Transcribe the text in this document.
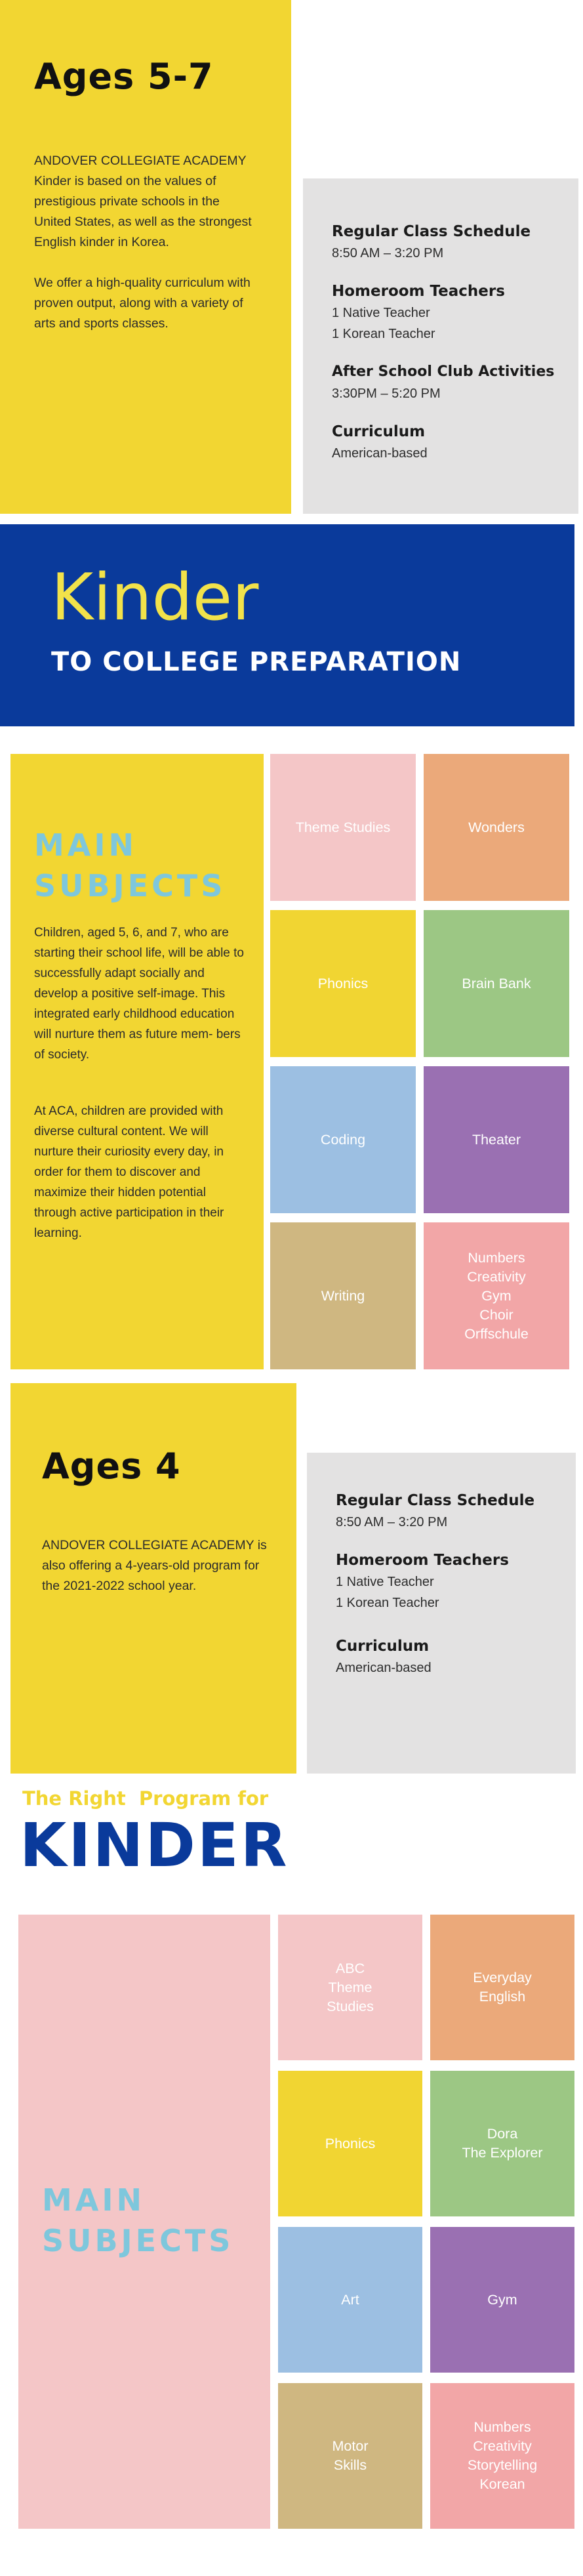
Ages 5-7

ANDOVER COLLEGIATE ACADEMY Kinder is based on the values of prestigious private schools in the United States, as well as the strongest English kinder in Korea.

We offer a high-quality curriculum with proven output, along with a variety of arts and sports classes.

Regular Class Schedule
8:50 AM – 3:20 PM
Homeroom Teachers
1 Native Teacher
1 Korean Teacher
After School Club Activities
3:30PM – 5:20 PM
Curriculum
American-based
Kinder
TO COLLEGE PREPARATION
MAIN
SUBJECTS

Children, aged 5, 6, and 7, who are starting their school life, will be able to successfully adapt socially and develop a positive self-image. This integrated early childhood education will nurture them as future mem- bers of society.

At ACA, children are provided with diverse cultural content. We will nurture their curiosity every day, in order for them to discover and maximize their hidden potential through active participation in their learning.

Theme Studies	Wonders
Phonics	Brain Bank
Coding	Theater
Writing
Numbers
Creativity
Gym
Choir
Orffschule
Ages 4

ANDOVER COLLEGIATE ACADEMY is also offering a 4-years-old program for the 2021-2022 school year.

Regular Class Schedule
8:50 AM – 3:20 PM
Homeroom Teachers
1 Native Teacher
1 Korean Teacher
Curriculum
American-based
The Right  Program for
KINDER
MAIN
SUBJECTS
ABC
Theme
Studies
Everyday
English
Phonics
Dora
The Explorer
Art	Gym
Motor
Skills
Numbers
Creativity
Storytelling
Korean
